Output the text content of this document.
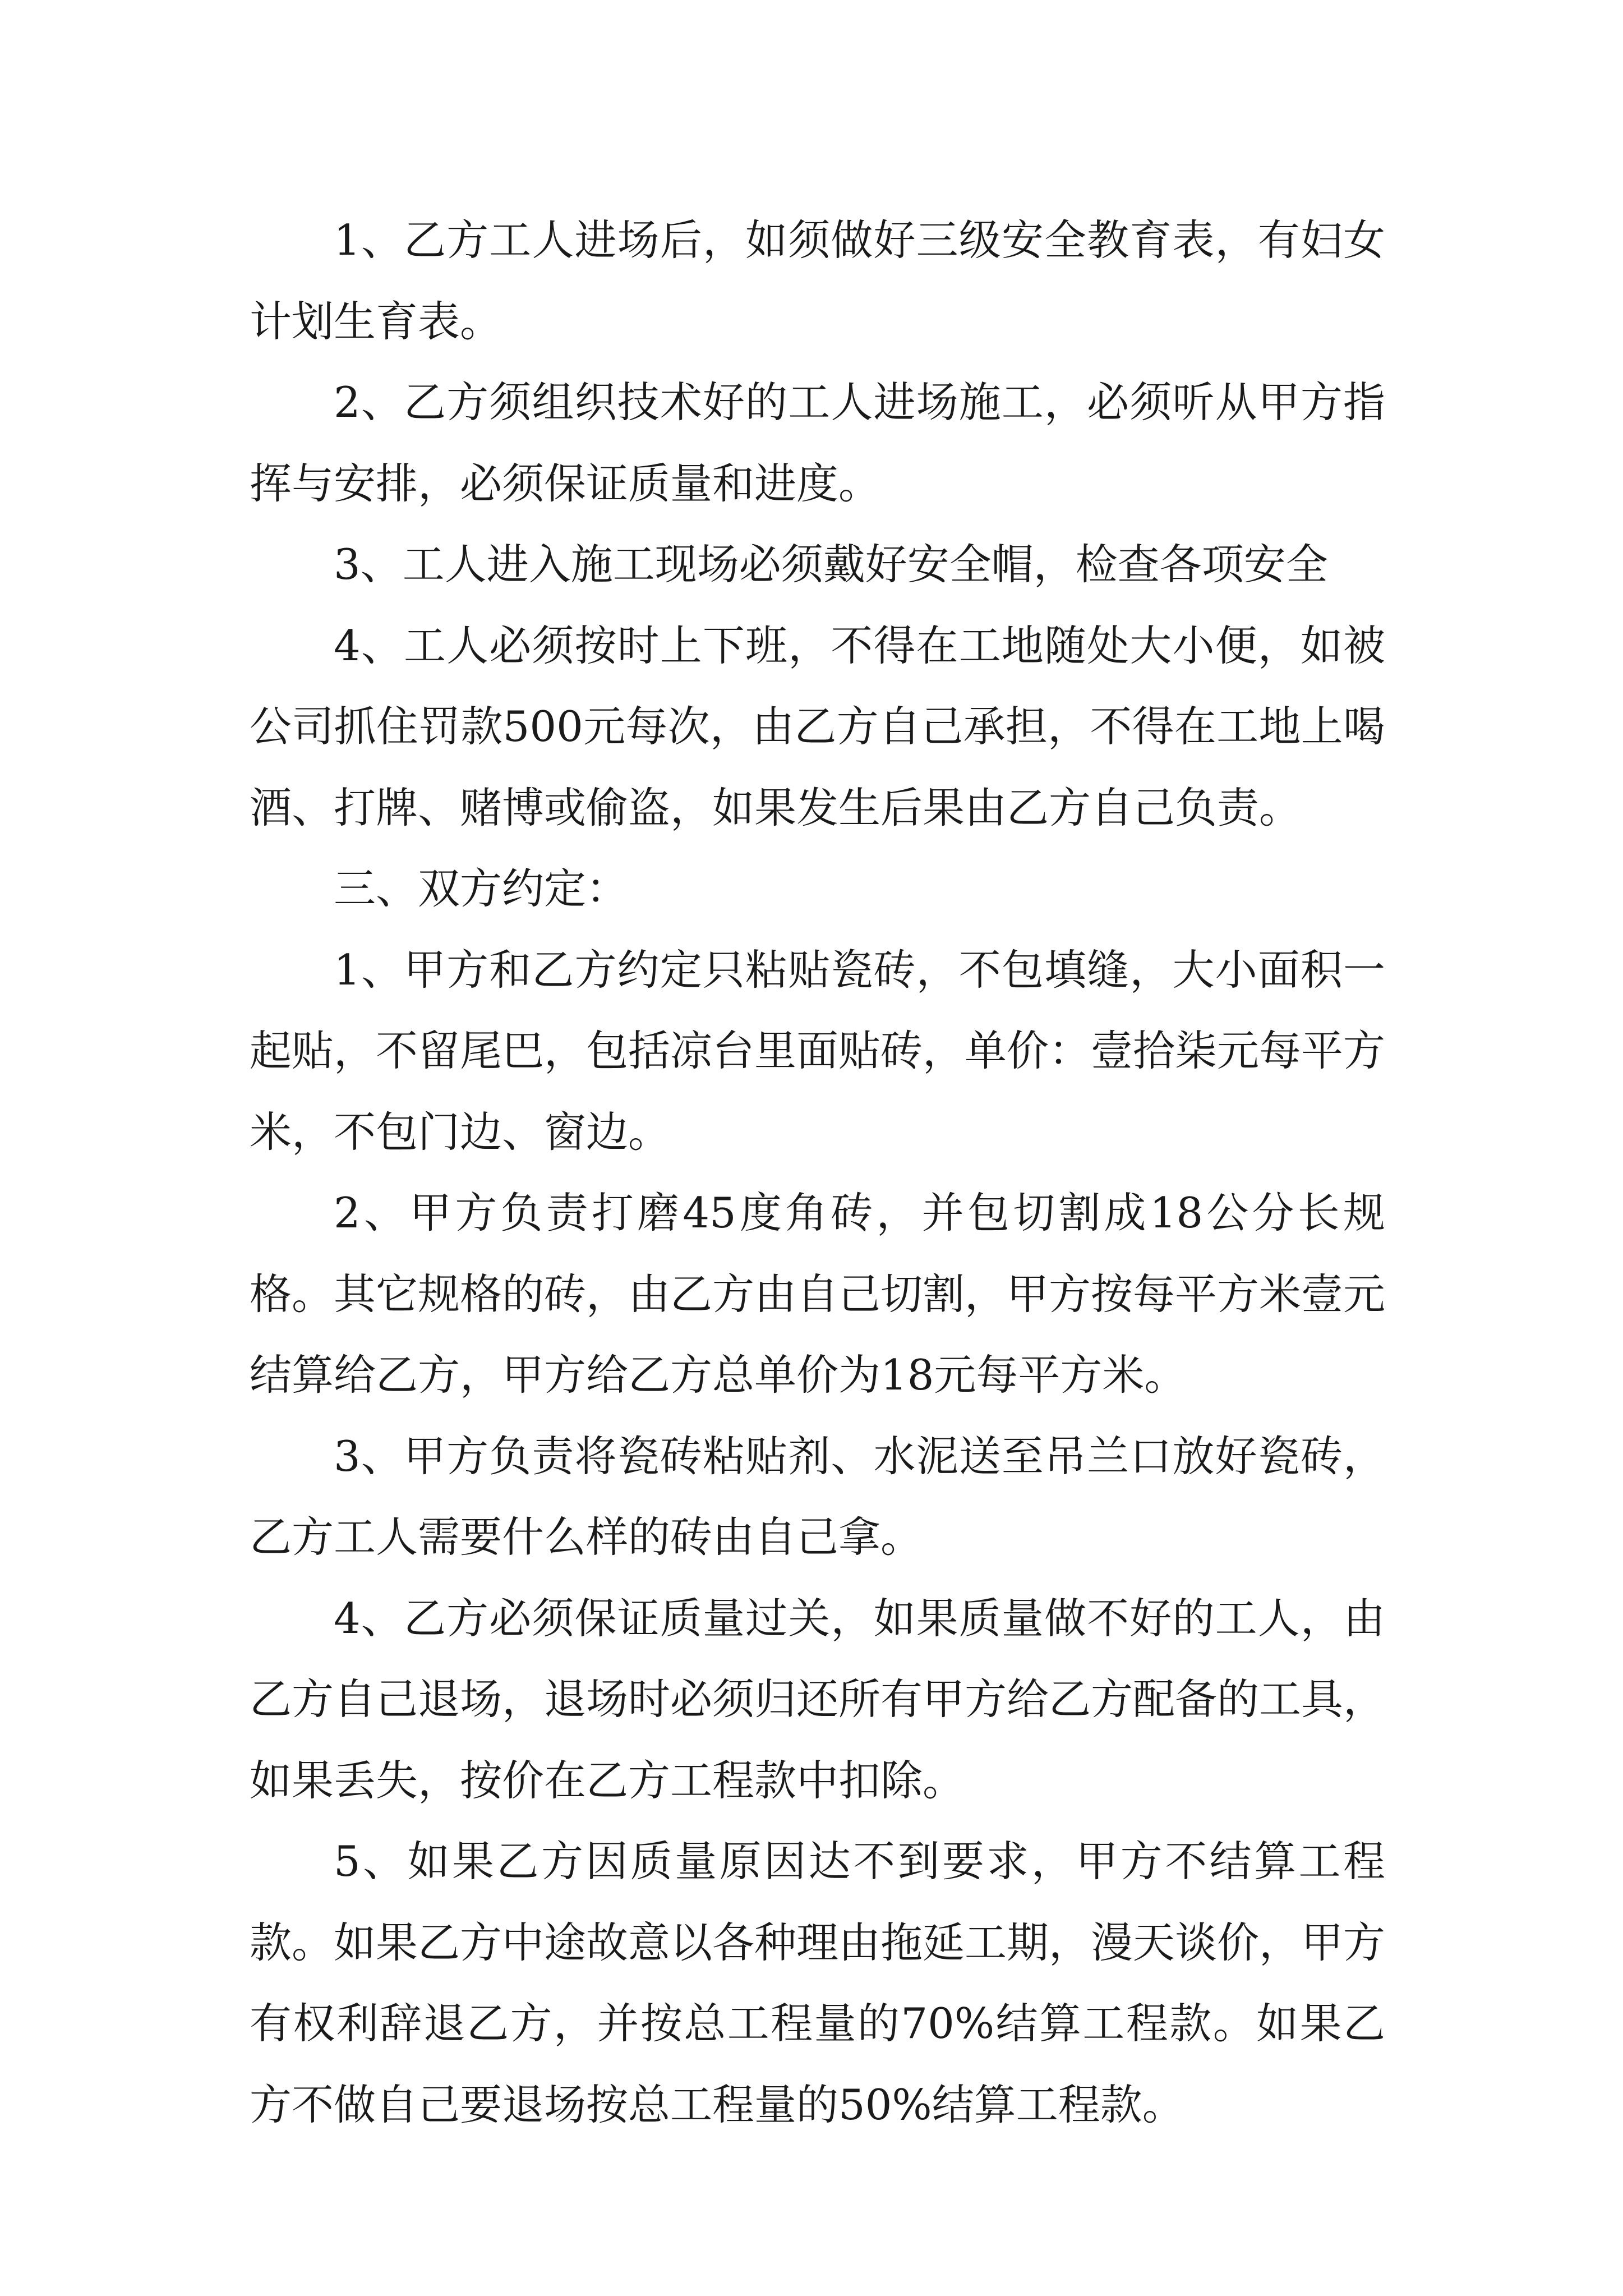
1、乙方工人进场后，如须做好三级安全教育表，有妇女计划生育表。

2、乙方须组织技术好的工人进场施工，必须听从甲方指挥与安排，必须保证质量和进度。

3、工人进入施工现场必须戴好安全帽，检查各项安全

4、工人必须按时上下班，不得在工地随处大小便，如被公司抓住罚款500元每次，由乙方自己承担，不得在工地上喝酒、打牌、赌博或偷盗，如果发生后果由乙方自己负责。

三、双方约定：

1、甲方和乙方约定只粘贴瓷砖，不包填缝，大小面积一起贴，不留尾巴，包括凉台里面贴砖，单价：壹拾柒元每平方米，不包门边、窗边。

2、甲方负责打磨45度角砖，并包切割成18公分长规格。其它规格的砖，由乙方由自己切割，甲方按每平方米壹元结算给乙方，甲方给乙方总单价为18元每平方米。

3、甲方负责将瓷砖粘贴剂、水泥送至吊兰口放好瓷砖，乙方工人需要什么样的砖由自己拿。

4、乙方必须保证质量过关，如果质量做不好的工人，由乙方自己退场，退场时必须归还所有甲方给乙方配备的工具，如果丢失，按价在乙方工程款中扣除。

5、如果乙方因质量原因达不到要求，甲方不结算工程款。如果乙方中途故意以各种理由拖延工期，漫天谈价，甲方有权利辞退乙方，并按总工程量的70%结算工程款。如果乙方不做自己要退场按总工程量的50%结算工程款。
